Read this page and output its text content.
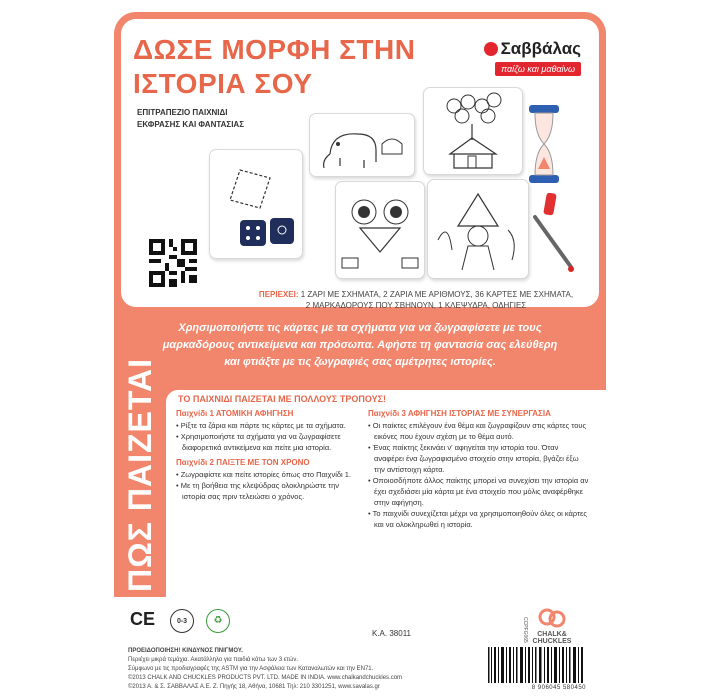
ΔΩΣΕ ΜΟΡΦΗ ΣΤΗΝ
ΙΣΤΟΡΙΑ ΣΟΥ
Σαββάλας
παίζω και μαθαίνω
ΕΠΙΤΡΑΠΕΖΙΟ ΠΑΙΧΝΙΔΙ
ΕΚΦΡΑΣΗΣ ΚΑΙ ΦΑΝΤΑΣΙΑΣ
ΠΕΡΙΕΧΕΙ: 1 ΖΑΡΙ ΜΕ ΣΧΗΜΑΤΑ, 2 ΖΑΡΙΑ ΜΕ ΑΡΙΘΜΟΥΣ, 36 ΚΑΡΤΕΣ ΜΕ ΣΧΗΜΑΤΑ,
2 ΜΑΡΚΑΔΟΡΟΥΣ ΠΟΥ ΣΒΗΝΟΥΝ, 1 ΚΛΕΨΥΔΡΑ, ΟΔΗΓΙΕΣ
Χρησιμοποιήστε τις κάρτες με τα σχήματα για να ζωγραφίσετε με τους
μαρκαδόρους αντικείμενα και πρόσωπα. Αφήστε τη φαντασία σας ελεύθερη
και φτιάξτε με τις ζωγραφιές σας αμέτρητες ιστορίες.
ΠΩΣ ΠΑΙΖΕΤΑΙ ΤΟ ΠΑΙΧΝΙΔΙ ΠΑΙΖΕΤΑΙ ΜΕ ΠΟΛΛΟΥΣ ΤΡΟΠΟΥΣ!
Παιχνίδι 1 ΑΤΟΜΙΚΗ ΑΦΗΓΗΣΗ

• Ρίξτε τα ζάρια και πάρτε τις κάρτες με τα σχήματα.

• Χρησιμοποιήστε τα σχήματα για να ζωγραφίσετε διαφορετικά αντικείμενα και πείτε μια ιστορία.

Παιχνίδι 2 ΠΑΙΞΤΕ ΜΕ ΤΟΝ ΧΡΟΝΟ

• Ζωγραφίστε και πείτε ιστορίες όπως στο Παιχνίδι 1.

• Με τη βοήθεια της κλεψύδρας ολοκληρώστε την ιστορία σας πριν τελειώσει ο χρόνος.

Παιχνίδι 3 ΑΦΗΓΗΣΗ ΙΣΤΟΡΙΑΣ ΜΕ ΣΥΝΕΡΓΑΣΙΑ

• Οι παίκτες επιλέγουν ένα θέμα και ζωγραφίζουν στις κάρτες τους εικόνες που έχουν σχέση με το θέμα αυτό.

• Ένας παίκτης ξεκινάει ν' αφηγείται την ιστορία του. Όταν αναφέρει ένα ζωγραφισμένο στοιχείο στην ιστορία, βγάζει έξω την αντίστοιχη κάρτα.

• Οποιοσδήποτε άλλος παίκτης μπορεί να συνεχίσει την ιστορία αν έχει σχεδιάσει μία κάρτα με ένα στοιχείο που μόλις αναφέρθηκε στην αφήγηση.

• Το παιχνίδι συνεχίζεται μέχρι να χρησιμοποιηθούν όλες οι κάρτες και να ολοκληρωθεί η ιστορία.

CE	0-3	♻
ΠΡΟΕΙΔΟΠΟΙΗΣΗ! ΚΙΝΔΥΝΟΣ ΠΝΙΓΜΟΥ.
Περιέχει μικρά τεμάχια. Ακατάλληλο για παιδιά κάτω των 3 ετών.
Σύμφωνο με τις προδιαγραφές της ASTM για την Ασφάλεια των Καταναλωτών και την EN71.
©2013 CHALK AND CHUCKLES PRODUCTS PVT. LTD. MADE IN INDIA. www.chalkandchuckles.com
©2013 Α. & Σ. ΣΑΒΒΑΛΑΣ Α.Ε. Ζ. Πηγής 18, Αθήνα, 10681 Τηλ: 210 3301251, www.savalas.gr
Κ.Α. 38011	CCPFG065	CHALK&
CHUCKLES
8 906045 580450
